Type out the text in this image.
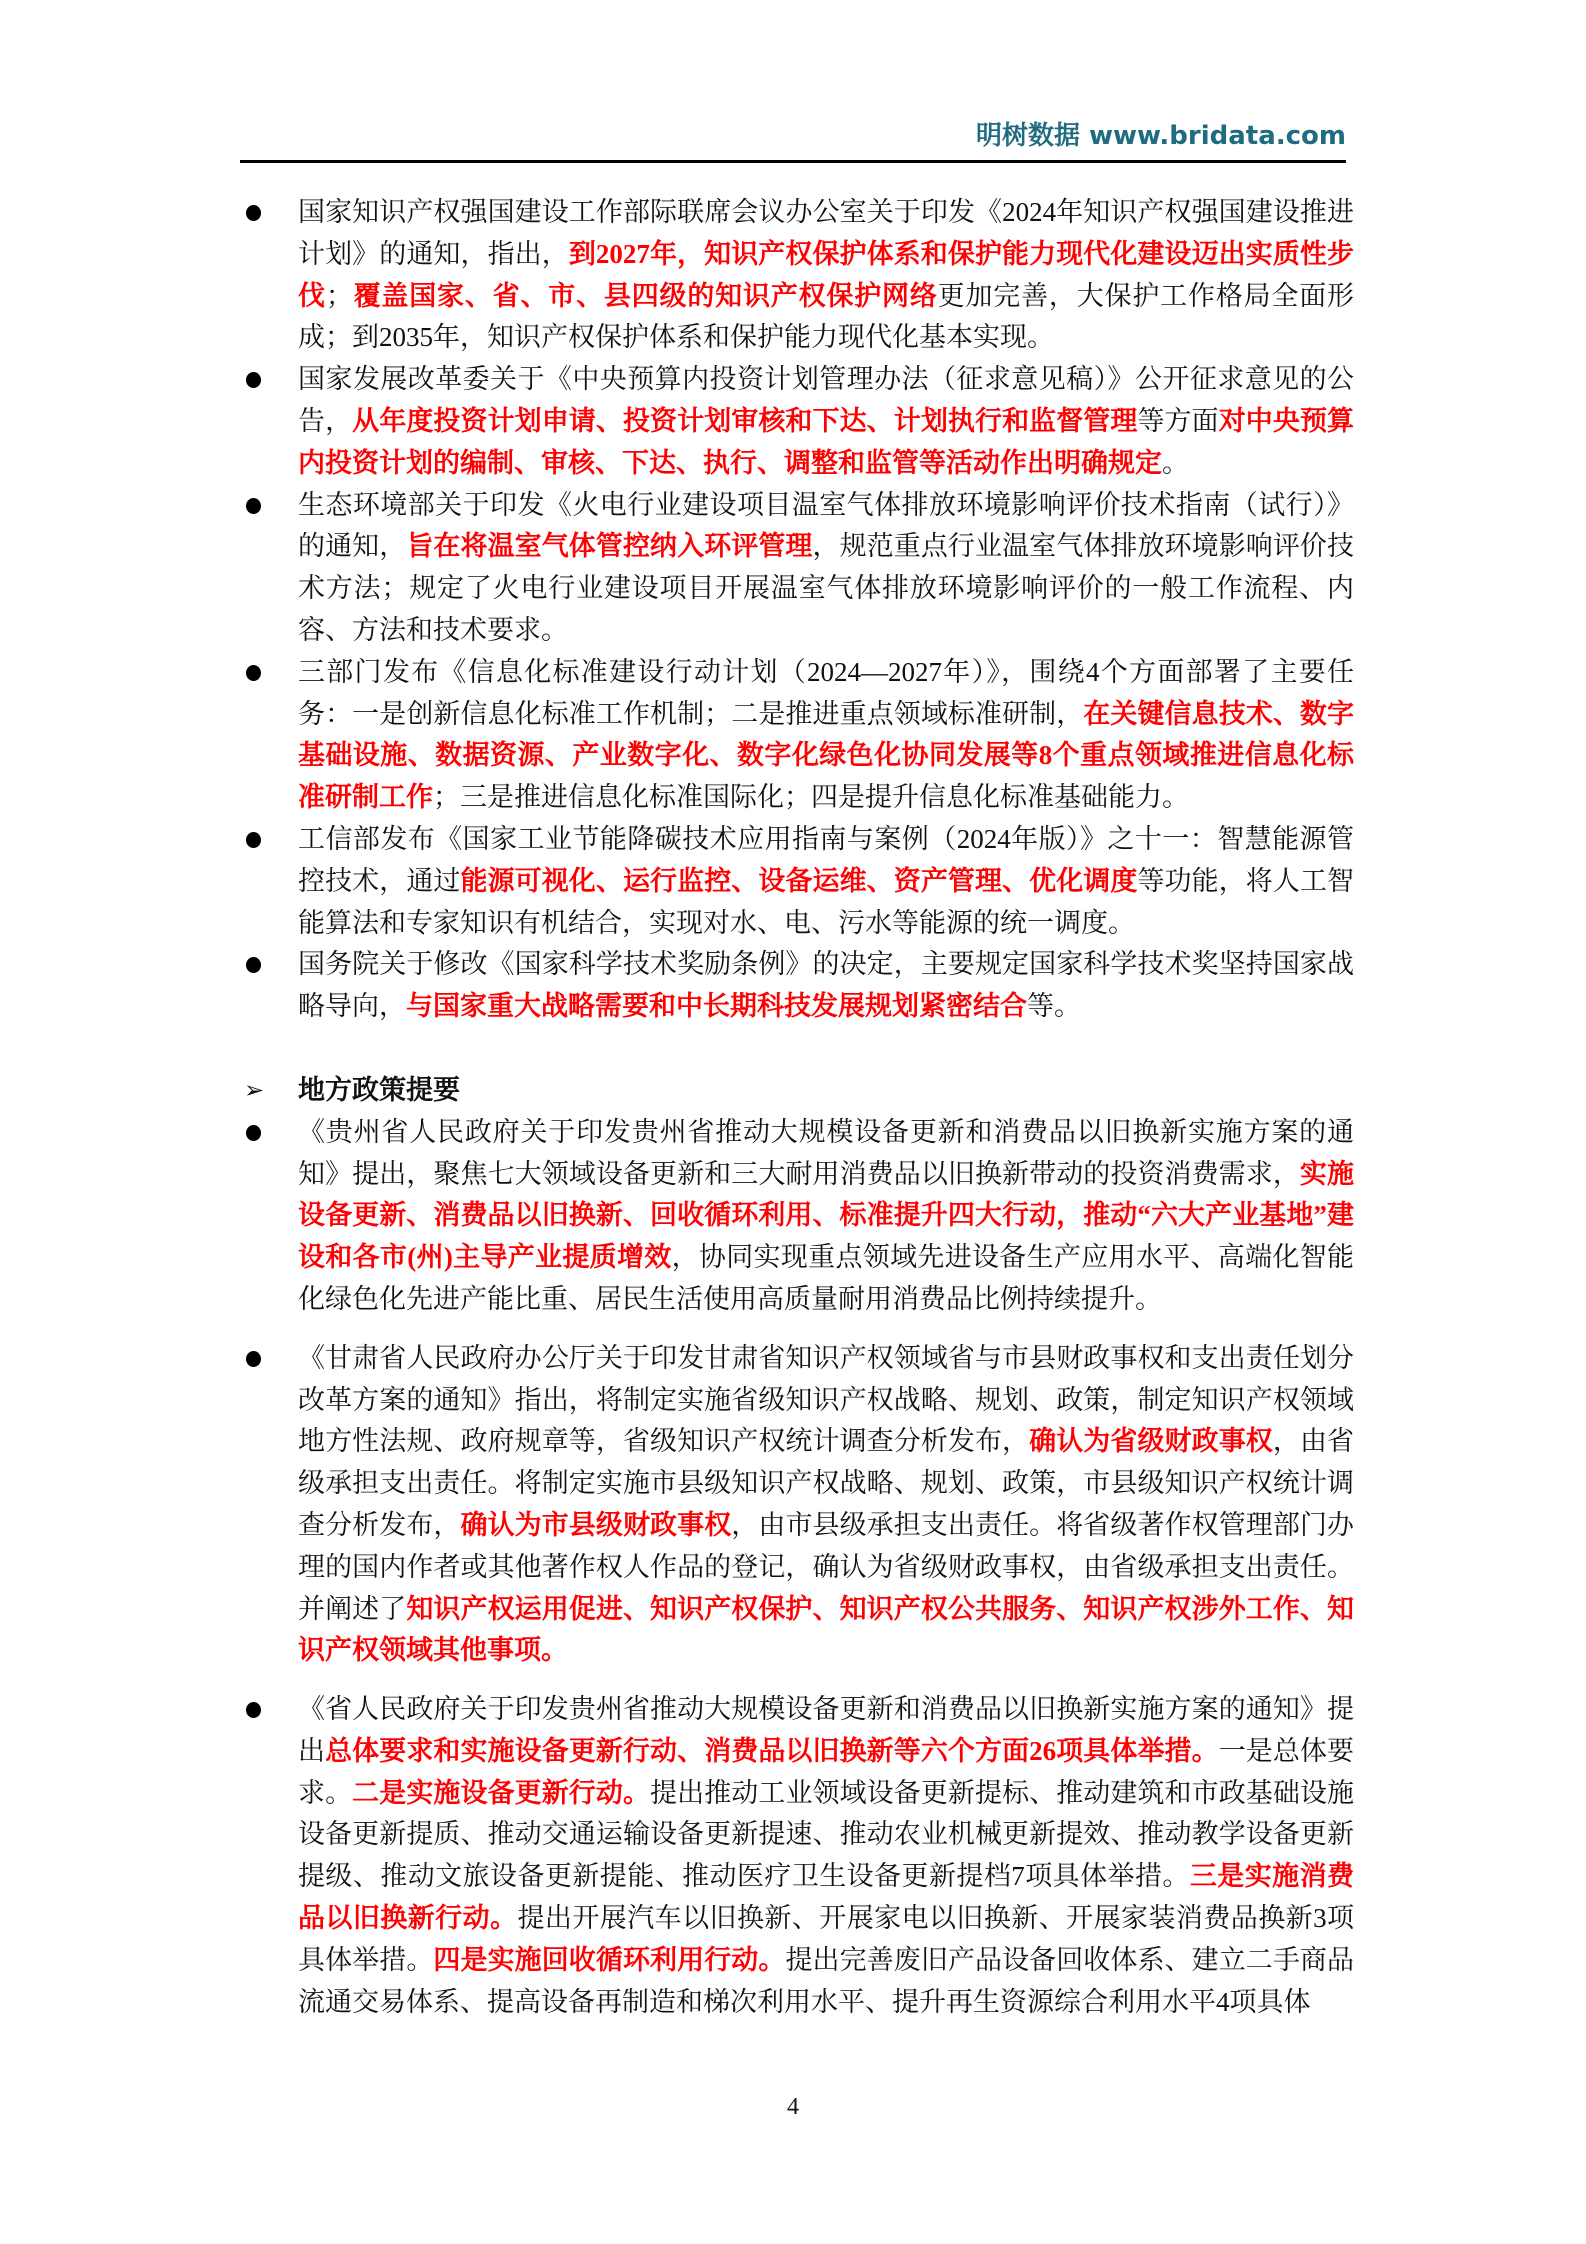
明树数据 www.bridata.com
国家知识产权强国建设工作部际联席会议办公室关于印发《2024年知识产权强国建设推进计划》的通知，指出，到2027年，知识产权保护体系和保护能力现代化建设迈出实质性步伐；覆盖国家、省、市、县四级的知识产权保护网络更加完善，大保护工作格局全面形成；到2035年，知识产权保护体系和保护能力现代化基本实现。
国家发展改革委关于《中央预算内投资计划管理办法（征求意见稿）》公开征求意见的公告，从年度投资计划申请、投资计划审核和下达、计划执行和监督管理等方面对中央预算内投资计划的编制、审核、下达、执行、调整和监管等活动作出明确规定。
生态环境部关于印发《火电行业建设项目温室气体排放环境影响评价技术指南（试行）》的通知，旨在将温室气体管控纳入环评管理，规范重点行业温室气体排放环境影响评价技术方法；规定了火电行业建设项目开展温室气体排放环境影响评价的一般工作流程、内容、方法和技术要求。
三部门发布《信息化标准建设行动计划（2024—2027年）》，围绕4个方面部署了主要任务：一是创新信息化标准工作机制；二是推进重点领域标准研制，在关键信息技术、数字基础设施、数据资源、产业数字化、数字化绿色化协同发展等8个重点领域推进信息化标准研制工作；三是推进信息化标准国际化；四是提升信息化标准基础能力。
工信部发布《国家工业节能降碳技术应用指南与案例（2024年版）》之十一：智慧能源管控技术，通过能源可视化、运行监控、设备运维、资产管理、优化调度等功能，将人工智能算法和专家知识有机结合，实现对水、电、污水等能源的统一调度。
国务院关于修改《国家科学技术奖励条例》的决定，主要规定国家科学技术奖坚持国家战略导向，与国家重大战略需要和中长期科技发展规划紧密结合等。
➢ 地方政策提要
《贵州省人民政府关于印发贵州省推动大规模设备更新和消费品以旧换新实施方案的通知》提出，聚焦七大领域设备更新和三大耐用消费品以旧换新带动的投资消费需求，实施设备更新、消费品以旧换新、回收循环利用、标准提升四大行动，推动“六大产业基地”建设和各市(州)主导产业提质增效，协同实现重点领域先进设备生产应用水平、高端化智能化绿色化先进产能比重、居民生活使用高质量耐用消费品比例持续提升。
《甘肃省人民政府办公厅关于印发甘肃省知识产权领域省与市县财政事权和支出责任划分改革方案的通知》指出，将制定实施省级知识产权战略、规划、政策，制定知识产权领域地方性法规、政府规章等，省级知识产权统计调查分析发布，确认为省级财政事权，由省级承担支出责任。将制定实施市县级知识产权战略、规划、政策，市县级知识产权统计调查分析发布，确认为市县级财政事权，由市县级承担支出责任。将省级著作权管理部门办理的国内作者或其他著作权人作品的登记，确认为省级财政事权，由省级承担支出责任。并阐述了知识产权运用促进、知识产权保护、知识产权公共服务、知识产权涉外工作、知识产权领域其他事项。
《省人民政府关于印发贵州省推动大规模设备更新和消费品以旧换新实施方案的通知》提出总体要求和实施设备更新行动、消费品以旧换新等六个方面26项具体举措。一是总体要求。二是实施设备更新行动。提出推动工业领域设备更新提标、推动建筑和市政基础设施设备更新提质、推动交通运输设备更新提速、推动农业机械更新提效、推动教学设备更新提级、推动文旅设备更新提能、推动医疗卫生设备更新提档7项具体举措。三是实施消费品以旧换新行动。提出开展汽车以旧换新、开展家电以旧换新、开展家装消费品换新3项具体举措。四是实施回收循环利用行动。提出完善废旧产品设备回收体系、建立二手商品流通交易体系、提高设备再制造和梯次利用水平、提升再生资源综合利用水平4项具体
4
